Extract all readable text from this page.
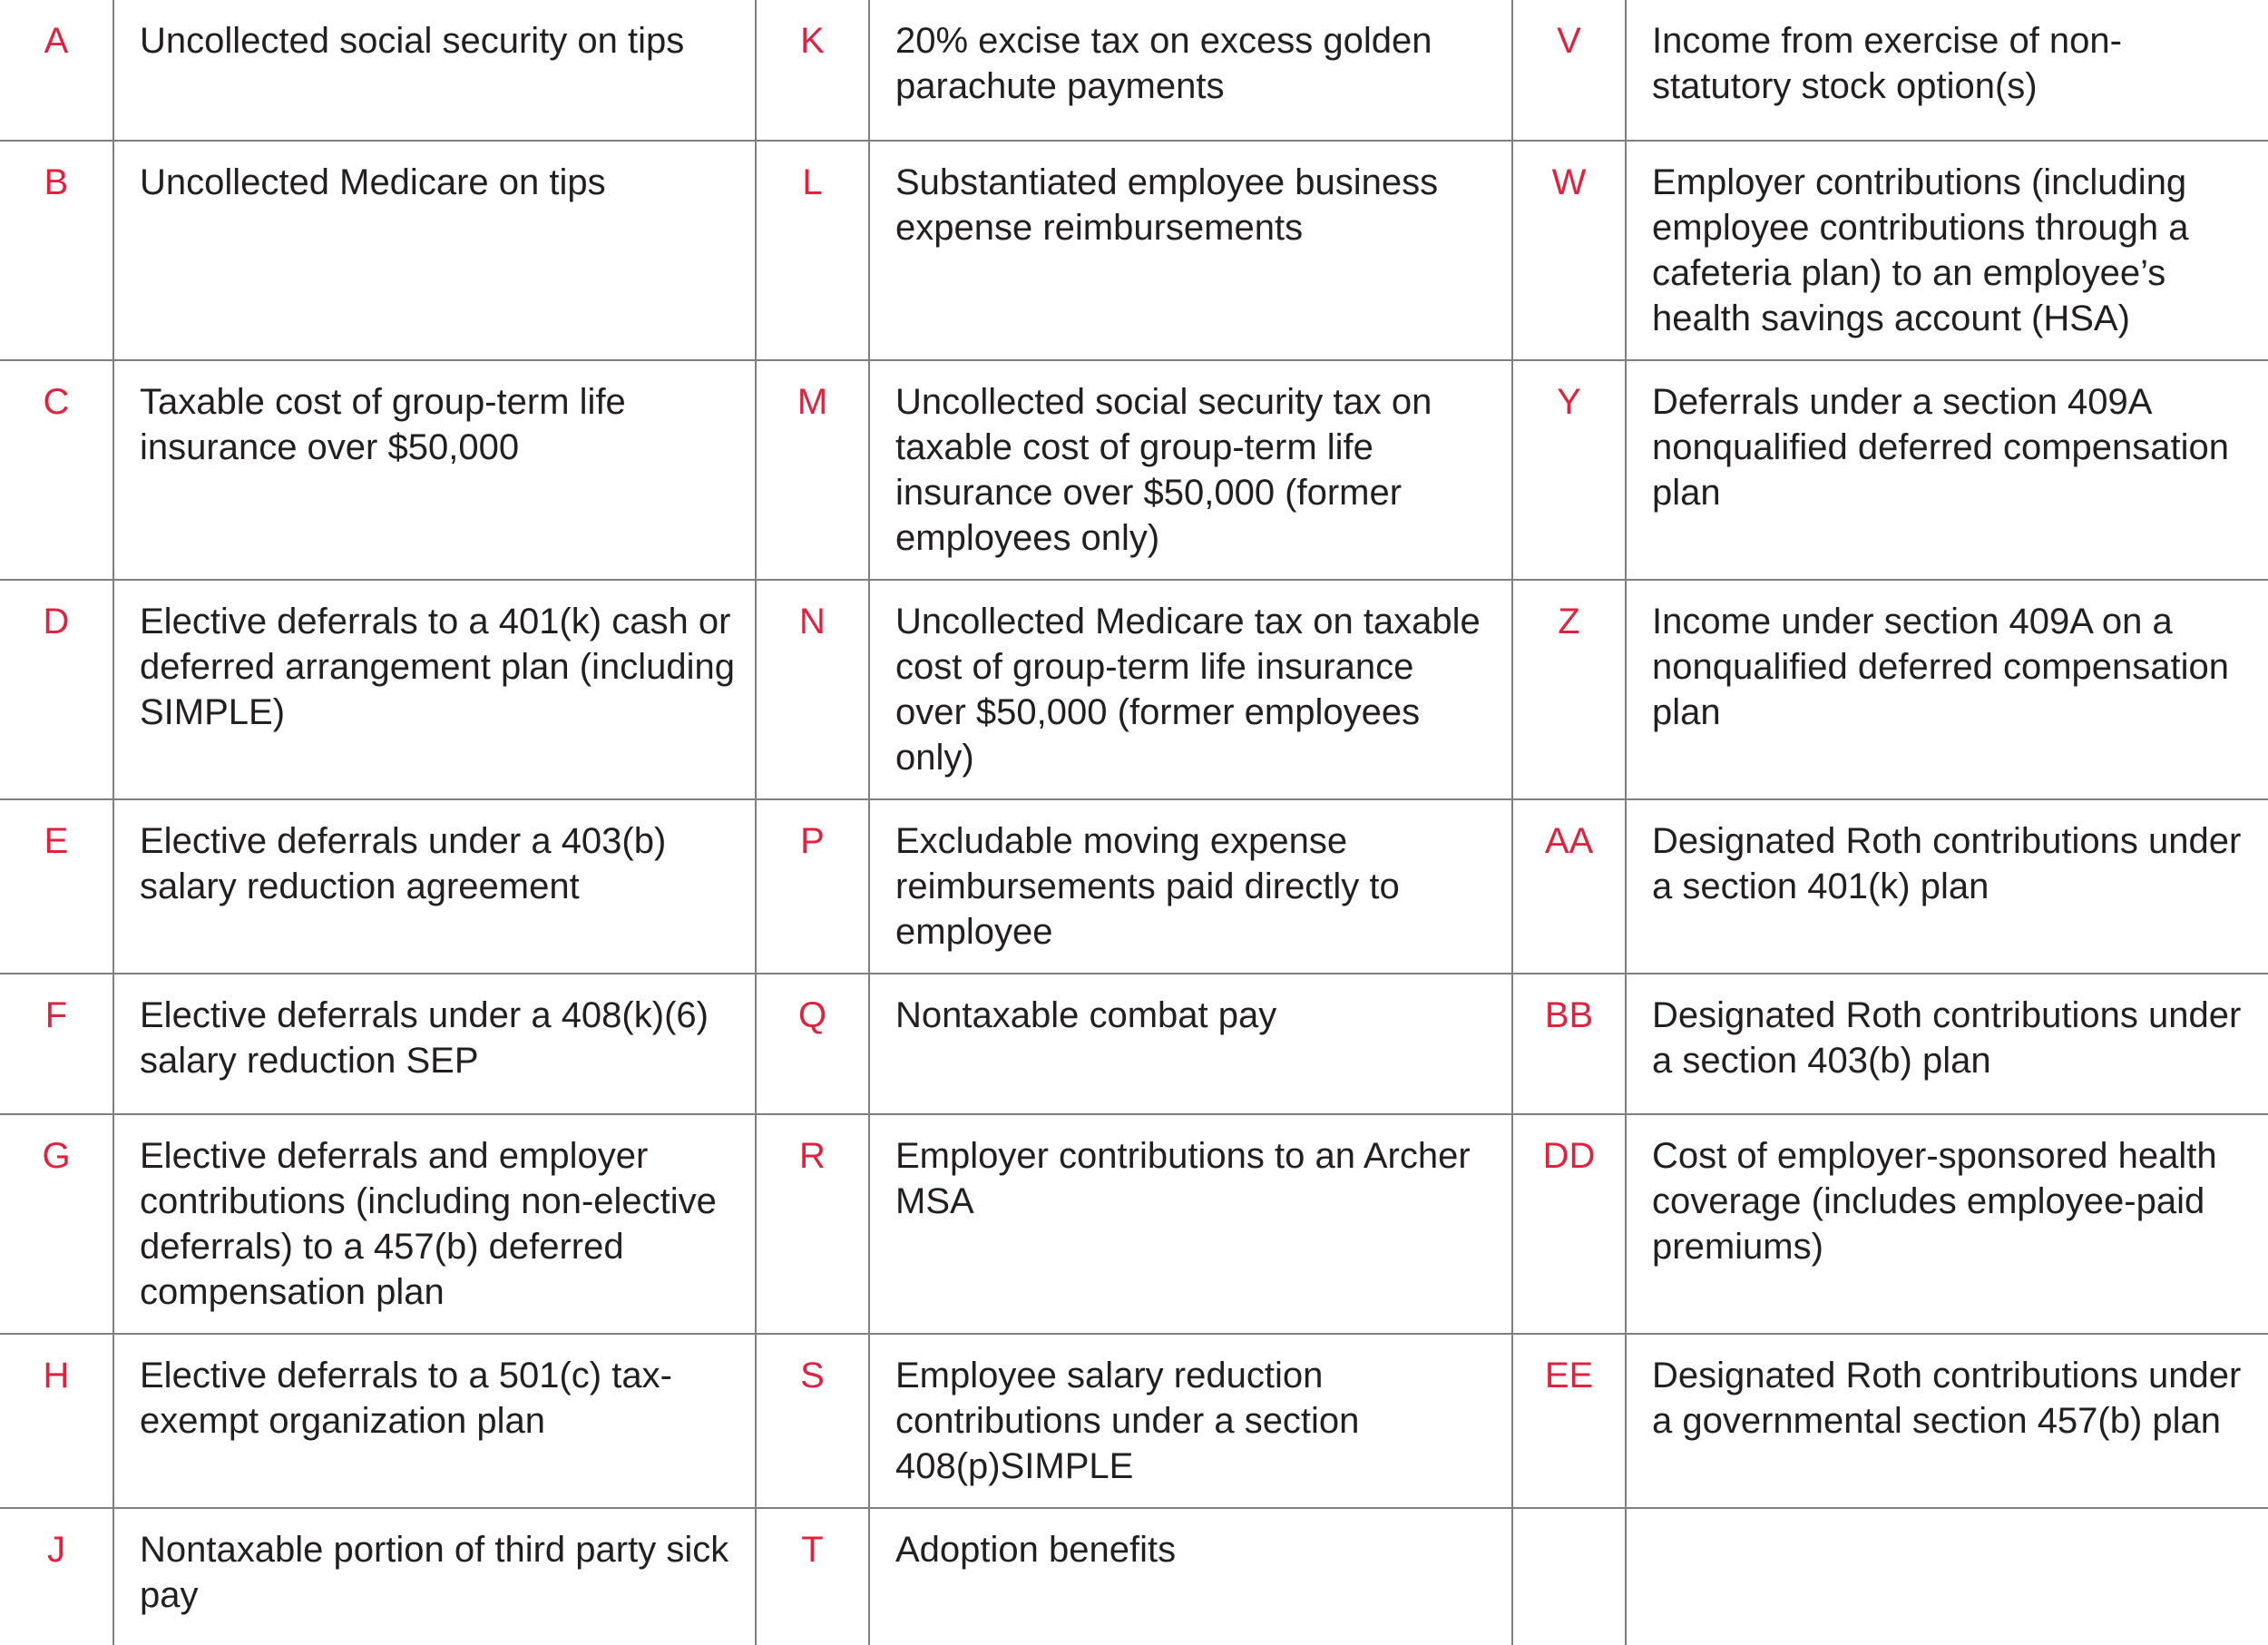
A	Uncollected social security on tips	K	20% excise tax on excess golden parachute payments	V	Income from exercise of non-statutory stock option(s)
B	Uncollected Medicare on tips	L	Substantiated employee business expense reimbursements	W	Employer contributions (including employee contributions through a cafeteria plan) to an employee’s health savings account (HSA)
C	Taxable cost of group-term life insurance over $50,000	M	Uncollected social security tax on taxable cost of group-term life insurance over $50,000 (former employees only)	Y	Deferrals under a section 409A nonqualified deferred compensation plan
D	Elective deferrals to a 401(k) cash or deferred arrangement plan (including SIMPLE)	N	Uncollected Medicare tax on taxable cost of group-term life insurance over $50,000 (former employees only)	Z	Income under section 409A on a nonqualified deferred compensation plan
E	Elective deferrals under a 403(b) salary reduction agreement	P	Excludable moving expense reimbursements paid directly to employee	AA	Designated Roth contributions under a section 401(k) plan
F	Elective deferrals under a 408(k)(6) salary reduction SEP	Q	Nontaxable combat pay	BB	Designated Roth contributions under a section 403(b) plan
G	Elective deferrals and employer contributions (including non-elective deferrals) to a 457(b) deferred compensation plan	R	Employer contributions to an Archer MSA	DD	Cost of employer-sponsored health coverage (includes employee-paid premiums)
H	Elective deferrals to a 501(c) tax-exempt organization plan	S	Employee salary reduction contributions under a section 408(p)SIMPLE	EE	Designated Roth contributions under a governmental section 457(b) plan
J	Nontaxable portion of third party sick pay	T	Adoption benefits		
